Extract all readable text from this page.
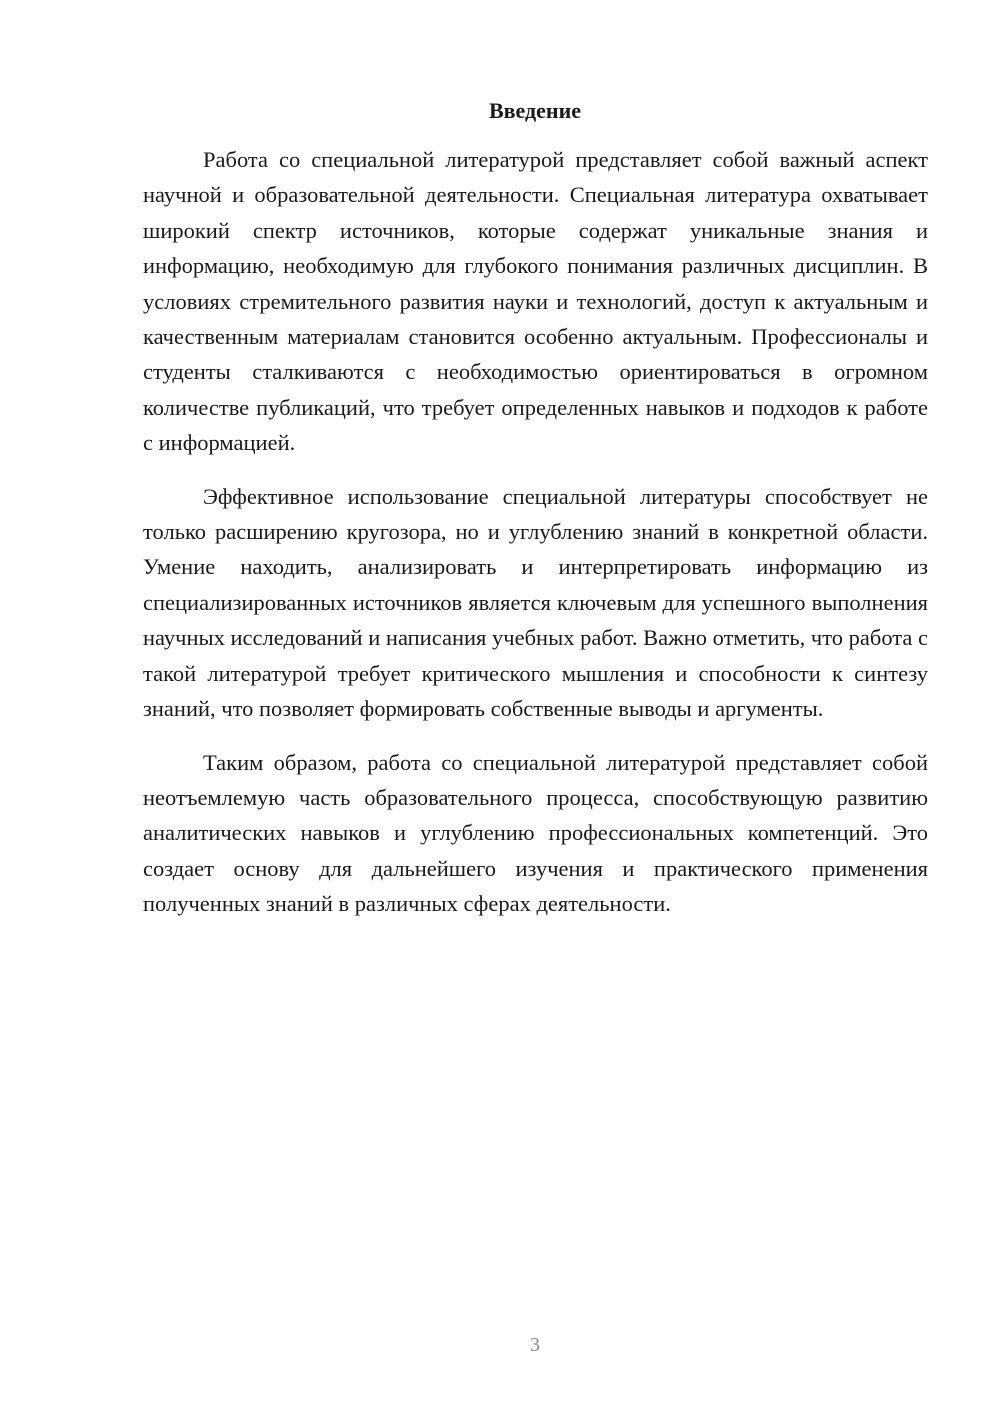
Введение

Работа со специальной литературой представляет собой важный аспект научной и образовательной деятельности. Специальная литература охватывает широкий спектр источников, которые содержат уникальные знания и информацию, необходимую для глубокого понимания различных дисциплин. В условиях стремительного развития науки и технологий, доступ к актуальным и качественным материалам становится особенно актуальным. Профессионалы и студенты сталкиваются с необходимостью ориентироваться в огромном количестве публикаций, что требует определенных навыков и подходов к работе с информацией.

Эффективное использование специальной литературы способствует не только расширению кругозора, но и углублению знаний в конкретной области. Умение находить, анализировать и интерпретировать информацию из специализированных источников является ключевым для успешного выполнения научных исследований и написания учебных работ. Важно отметить, что работа с такой литературой требует критического мышления и способности к синтезу знаний, что позволяет формировать собственные выводы и аргументы.

Таким образом, работа со специальной литературой представляет собой неотъемлемую часть образовательного процесса, способствующую развитию аналитических навыков и углублению профессиональных компетенций. Это создает основу для дальнейшего изучения и практического применения полученных знаний в различных сферах деятельности.

3
